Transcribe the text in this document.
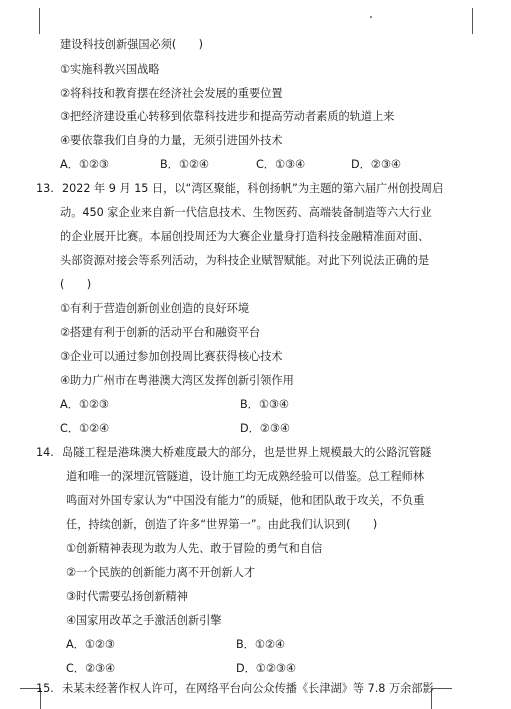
建设科技创新强国必须(　　)
①实施科教兴国战略
②将科技和教育摆在经济社会发展的重要位置
③把经济建设重心转移到依靠科技进步和提高劳动者素质的轨道上来
④要依靠我们自身的力量，无须引进国外技术
A．①②③	B．①②④	C．①③④	D．②③④
13. 2022 年 9 月 15 日，以“湾区聚能，科创扬帆”为主题的第六届广州创投周启
动。450 家企业来自新一代信息技术、生物医药、高端装备制造等六大行业
的企业展开比赛。本届创投周还为大赛企业量身打造科技金融精准面对面、
头部资源对接会等系列活动，为科技企业赋智赋能。对此下列说法正确的是
(　　)
①有利于营造创新创业创造的良好环境
②搭建有利于创新的活动平台和融资平台
③企业可以通过参加创投周比赛获得核心技术
④助力广州市在粤港澳大湾区发挥创新引领作用
A．①②③	B．①③④
C．①②④	D．②③④
14. 岛隧工程是港珠澳大桥难度最大的部分，也是世界上规模最大的公路沉管隧
道和唯一的深埋沉管隧道，设计施工均无成熟经验可以借鉴。总工程师林
鸣面对外国专家认为“中国没有能力”的质疑，他和团队敢于攻关，不负重
任，持续创新，创造了许多“世界第一”。由此我们认识到(　　)
①创新精神表现为敢为人先、敢于冒险的勇气和自信
②一个民族的创新能力离不开创新人才
③时代需要弘扬创新精神
④国家用改革之手激活创新引擎
A．①②③	B．①②④
C．②③④	D．①②③④
15. 未某未经著作权人许可，在网络平台向公众传播《长津湖》等 7.8 万余部影
